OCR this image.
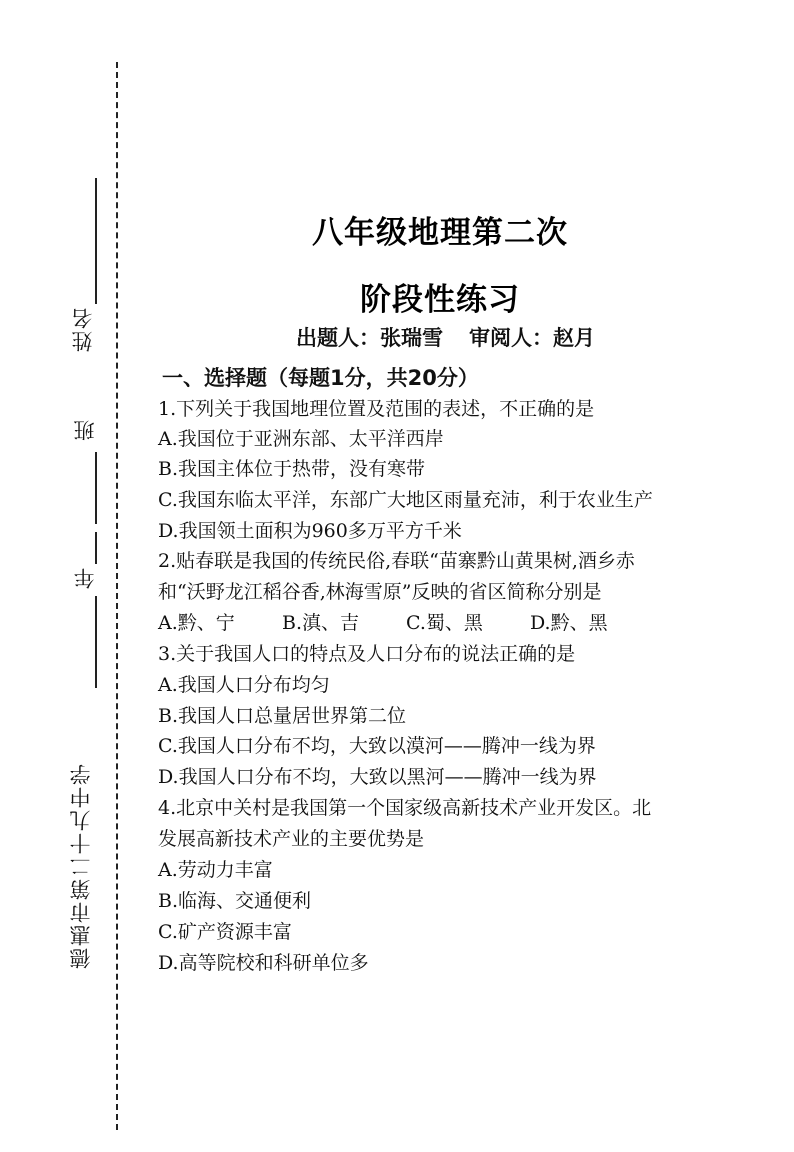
姓名
班
年
德惠市第二十九中学
八年级地理第二次
阶段性练习
出题人：张瑞雪 审阅人：赵月
一、选择题（每题1分，共20分）
1.下列关于我国地理位置及范围的表述，不正确的是
A.我国位于亚洲东部、太平洋西岸
B.我国主体位于热带，没有寒带
C.我国东临太平洋，东部广大地区雨量充沛，利于农业生产
D.我国领土面积为960多万平方千米
2.贴春联是我国的传统民俗,春联“苗寨黔山黄果树,酒乡赤
和“沃野龙江稻谷香,林海雪原”反映的省区简称分别是
A.黔、宁 B.滇、吉 C.蜀、黑 D.黔、黑
3.关于我国人口的特点及人口分布的说法正确的是
A.我国人口分布均匀
B.我国人口总量居世界第二位
C.我国人口分布不均，大致以漠河——腾冲一线为界
D.我国人口分布不均，大致以黑河——腾冲一线为界
4.北京中关村是我国第一个国家级高新技术产业开发区。北
发展高新技术产业的主要优势是
A.劳动力丰富
B.临海、交通便利
C.矿产资源丰富
D.高等院校和科研单位多
